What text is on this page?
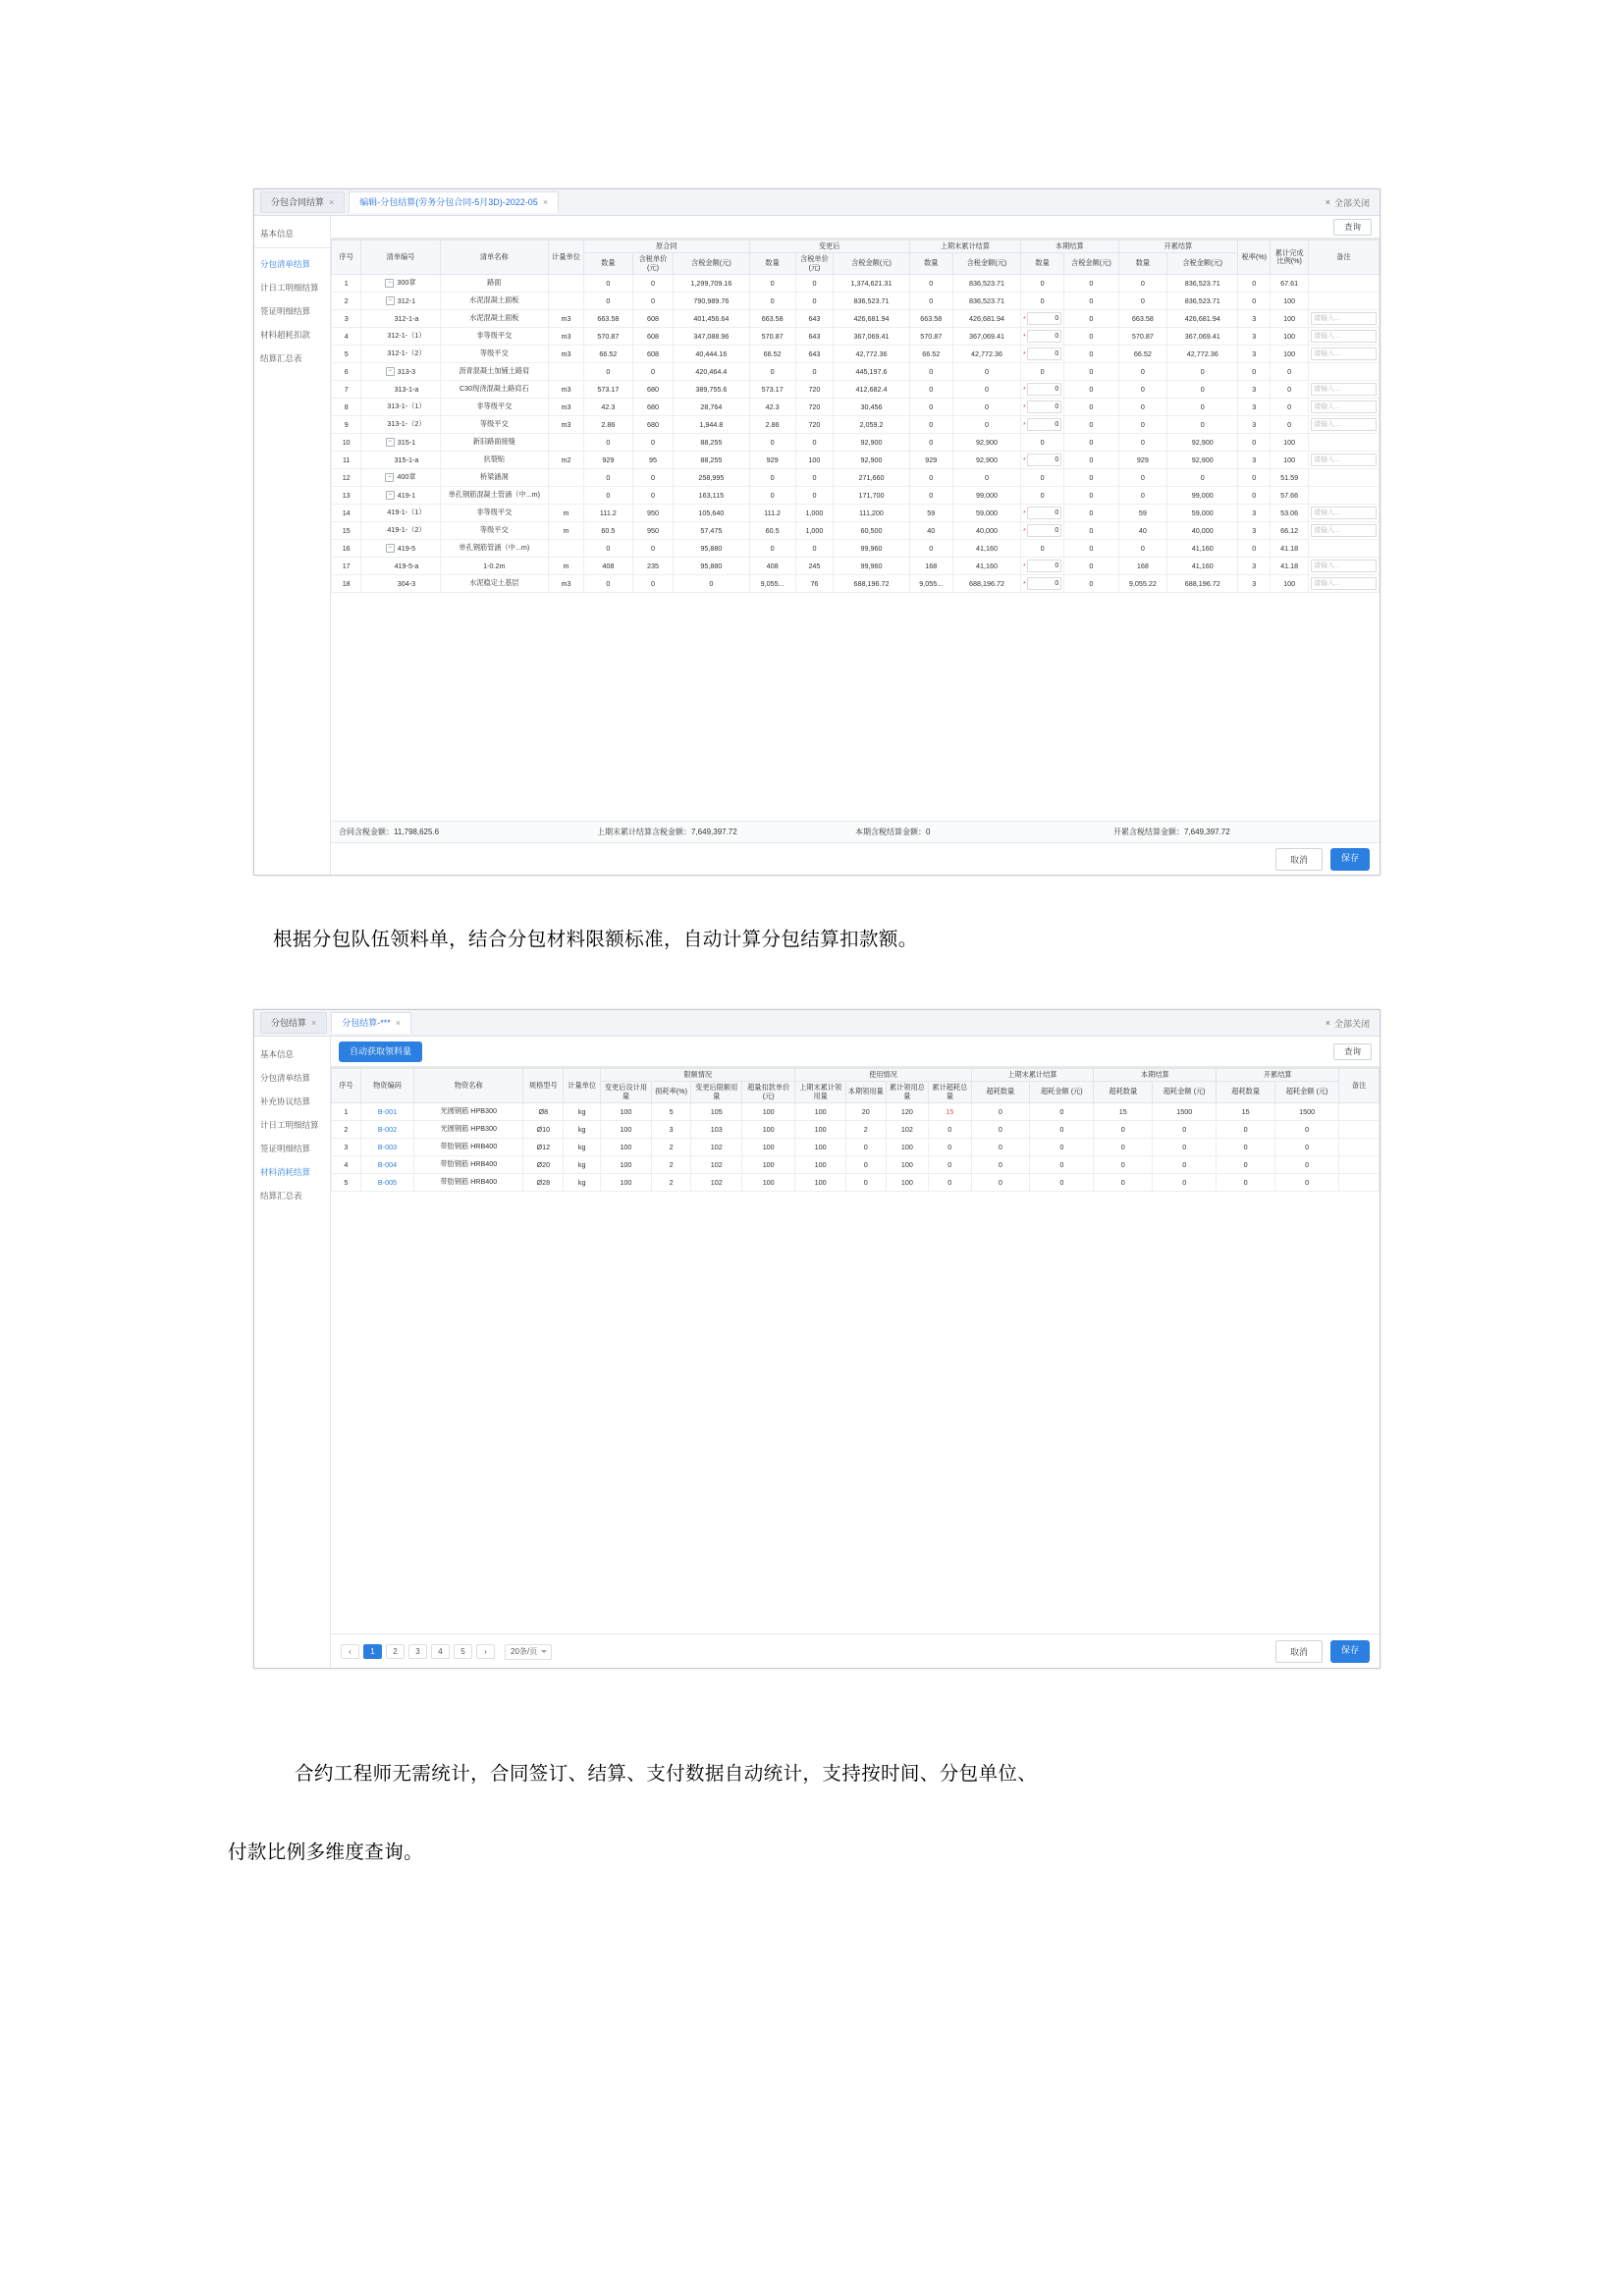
分包合同结算 ×	编辑-分包结算(劳务分包合同-5月3D)-2022-05 ×	× 全部关闭
基本信息
分包清单结算
计日工明细结算
签证明细结算
材料超耗扣款
结算汇总表
查询
序号	清单编号	清单名称	计量单位	原合同			变更后			上期末累计结算		本期结算		开累结算		税率(%)	累计完成比例(%)	备注
				数量	含税单价(元)	含税金额(元)	数量	含税单价(元)	含税金额(元)	数量	含税金额(元)	数量	含税金额(元)	数量	含税金额(元)			
1	− 300章	路面		0	0	1,299,709.16	0	0	1,374,621.31	0	836,523.71	0	0	0	836,523.71	0	67.61	
2	− 312-1	水泥混凝土面板		0	0	790,989.76	0	0	836,523.71	0	836,523.71	0	0	0	836,523.71	0	100	
3	312-1-a	水泥混凝土面板	m3	663.58	608	401,456.64	663.58	643	426,681.94	663.58	426,681.94	* 0	0	663.58	426,681.94	3	100	请输入...

4	312-1-（1）	非等级平交	m3	570.87	608	347,088.96	570.87	643	367,069.41	570.87	367,069.41	* 0	0	570.87	367,069.41	3	100	请输入...

5	312-1-（2）	等级平交	m3	66.52	608	40,444.16	66.52	643	42,772.36	66.52	42,772.36	* 0	0	66.52	42,772.36	3	100	请输入...

6	− 313-3	沥青混凝土加铺土路肩		0	0	420,464.4	0	0	445,197.6	0	0	0	0	0	0	0	0	
7	313-1-a	C30现浇混凝土路肩石	m3	573.17	680	389,755.6	573.17	720	412,682.4	0	0	* 0	0	0	0	3	0	请输入...

8	313-1-（1）	非等级平交	m3	42.3	680	28,764	42.3	720	30,456	0	0	* 0	0	0	0	3	0	请输入...

9	313-1-（2）	等级平交	m3	2.86	680	1,944.8	2.86	720	2,059.2	0	0	* 0	0	0	0	3	0	请输入...

10	− 315-1	新旧路面接缝		0	0	88,255	0	0	92,900	0	92,900	0	0	0	92,900	0	100	
11	315-1-a	抗裂贴	m2	929	95	88,255	929	100	92,900	929	92,900	* 0	0	929	92,900	3	100	请输入...

12	− 400章	桥梁涵洞		0	0	258,995	0	0	271,660	0	0	0	0	0	0	0	51.59	
13	− 419-1	单孔钢筋混凝土管涵（中...m)		0	0	163,115	0	0	171,700	0	99,000	0	0	0	99,000	0	57.66	
14	419-1-（1）	非等级平交	m	111.2	950	105,640	111.2	1,000	111,200	59	59,000	* 0	0	59	59,000	3	53.06	请输入...

15	419-1-（2）	等级平交	m	60.5	950	57,475	60.5	1,000	60,500	40	40,000	* 0	0	40	40,000	3	66.12	请输入...

16	− 419-5	单孔钢筋管涵（中...m)		0	0	95,880	0	0	99,960	0	41,160	0	0	0	41,160	0	41.18	
17	419-5-a	1-0.2m	m	408	235	95,880	408	245	99,960	168	41,160	* 0	0	168	41,160	3	41.18	请输入...

18	304-3	水泥稳定土基层	m3	0	0	0	9,055...	76	688,196.72	9,055...	688,196.72	* 0	0	9,055.22	688,196.72	3	100	请输入...
合同含税金额：11,798,625.6	上期末累计结算含税金额：7,649,397.72	本期含税结算金额：0	开累含税结算金额：7,649,397.72
取消	保存
根据分包队伍领料单，结合分包材料限额标准，自动计算分包结算扣款额。
分包结算 ×	分包结算-*** ×	× 全部关闭
基本信息
分包清单结算
补充协议结算
计日工明细结算
签证明细结算
材料消耗结算
结算汇总表
自动获取领料量	查询
序号	物资编码	物资名称	规格型号	计量单位	限额情况				使用情况				上期末累计结算		本期结算		开累结算		备注
					变更后设计用量	损耗率(%)	变更后限额用量	超量扣款单价(元)	上期末累计领用量	本期领用量	累计领用总量	累计超耗总量	超耗数量	超耗金额 (元)	超耗数量	超耗金额 (元)	超耗数量	超耗金额 (元)	
1	B-001	光圆钢筋 HPB300	Ø8	kg	100	5	105	100	100	20	120	15	0	0	15	1500	15	1500	
2	B-002	光圆钢筋 HPB300	Ø10	kg	100	3	103	100	100	2	102	0	0	0	0	0	0	0	
3	B-003	带肋钢筋 HRB400	Ø12	kg	100	2	102	100	100	0	100	0	0	0	0	0	0	0	
4	B-004	带肋钢筋 HRB400	Ø20	kg	100	2	102	100	100	0	100	0	0	0	0	0	0	0	
5	B-005	带肋钢筋 HRB400	Ø28	kg	100	2	102	100	100	0	100	0	0	0	0	0	0	0	
‹	1	2	3	4	5	›	20条/页	取消	保存
合约工程师无需统计，合同签订、结算、支付数据自动统计，支持按时间、分包单位、
付款比例多维度查询。
